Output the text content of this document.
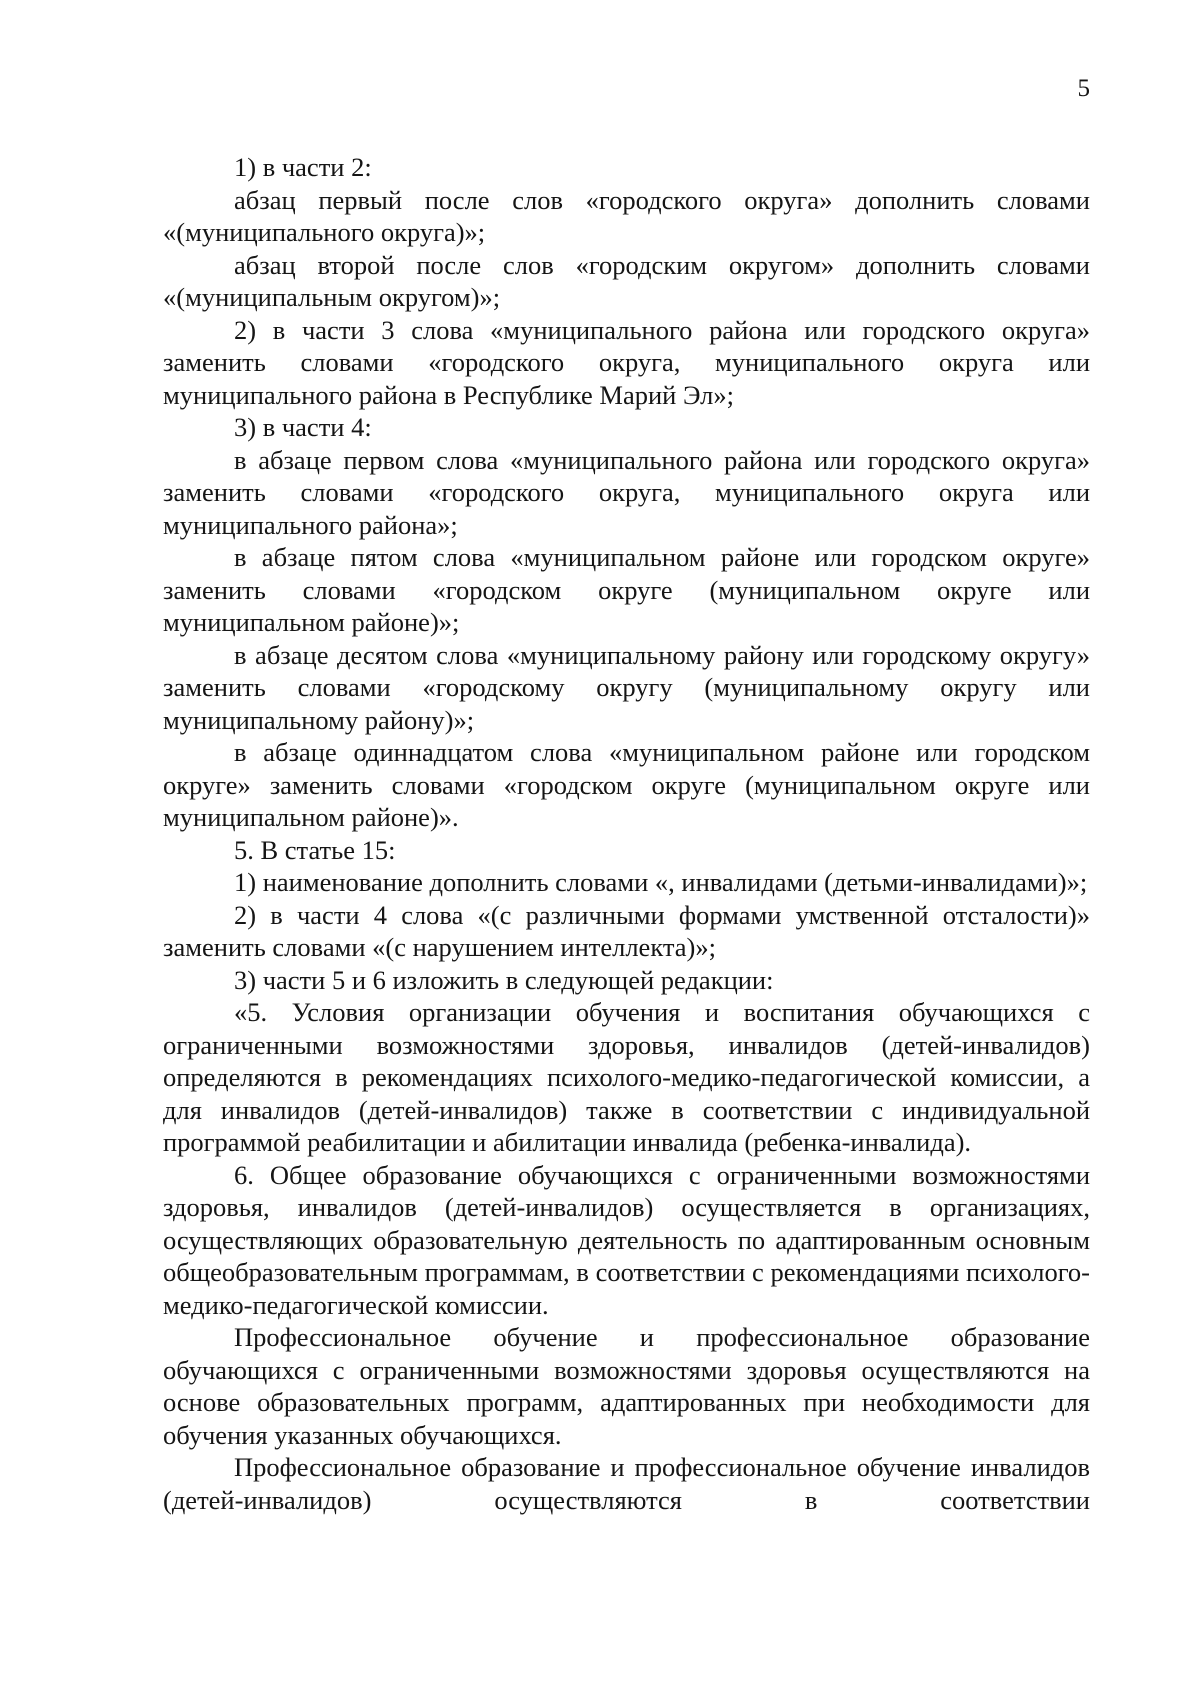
5

1) в части 2:

абзац первый после слов «городского округа» дополнить словами «(муниципального округа)»;

абзац второй после слов «городским округом» дополнить словами «(муниципальным округом)»;

2) в части 3 слова «муниципального района или городского округа» заменить словами «городского округа, муниципального округа или муниципального района в Республике Марий Эл»;

3) в части 4:

в абзаце первом слова «муниципального района или городского округа» заменить словами «городского округа, муниципального округа или муниципального района»;

в абзаце пятом слова «муниципальном районе или городском округе» заменить словами «городском округе (муниципальном округе или муниципальном районе)»;

в абзаце десятом слова «муниципальному району или городскому округу» заменить словами «городскому округу (муниципальному округу или муниципальному району)»;

в абзаце одиннадцатом слова «муниципальном районе или городском округе» заменить словами «городском округе (муниципальном округе или муниципальном районе)».

5. В статье 15:

1) наименование дополнить словами «, инвалидами (детьми-инвалидами)»;

2) в части 4 слова «(с различными формами умственной отсталости)» заменить словами «(с нарушением интеллекта)»;

3) части 5 и 6 изложить в следующей редакции:

«5. Условия организации обучения и воспитания обучающихся с ограниченными возможностями здоровья, инвалидов (детей-инвалидов) определяются в рекомендациях психолого-медико-педагогической комиссии, а для инвалидов (детей-инвалидов) также в соответствии с индивидуальной программой реабилитации и абилитации инвалида (ребенка-инвалида).

6. Общее образование обучающихся с ограниченными возможностями здоровья, инвалидов (детей-инвалидов) осуществляется в организациях, осуществляющих образовательную деятельность по адаптированным основным общеобразовательным программам, в соответствии с рекомендациями психолого-медико-педагогической комиссии.

Профессиональное обучение и профессиональное образование обучающихся с ограниченными возможностями здоровья осуществляются на основе образовательных программ, адаптированных при необходимости для обучения указанных обучающихся.

Профессиональное образование и профессиональное обучение инвалидов (детей-инвалидов) осуществляются в соответствии
